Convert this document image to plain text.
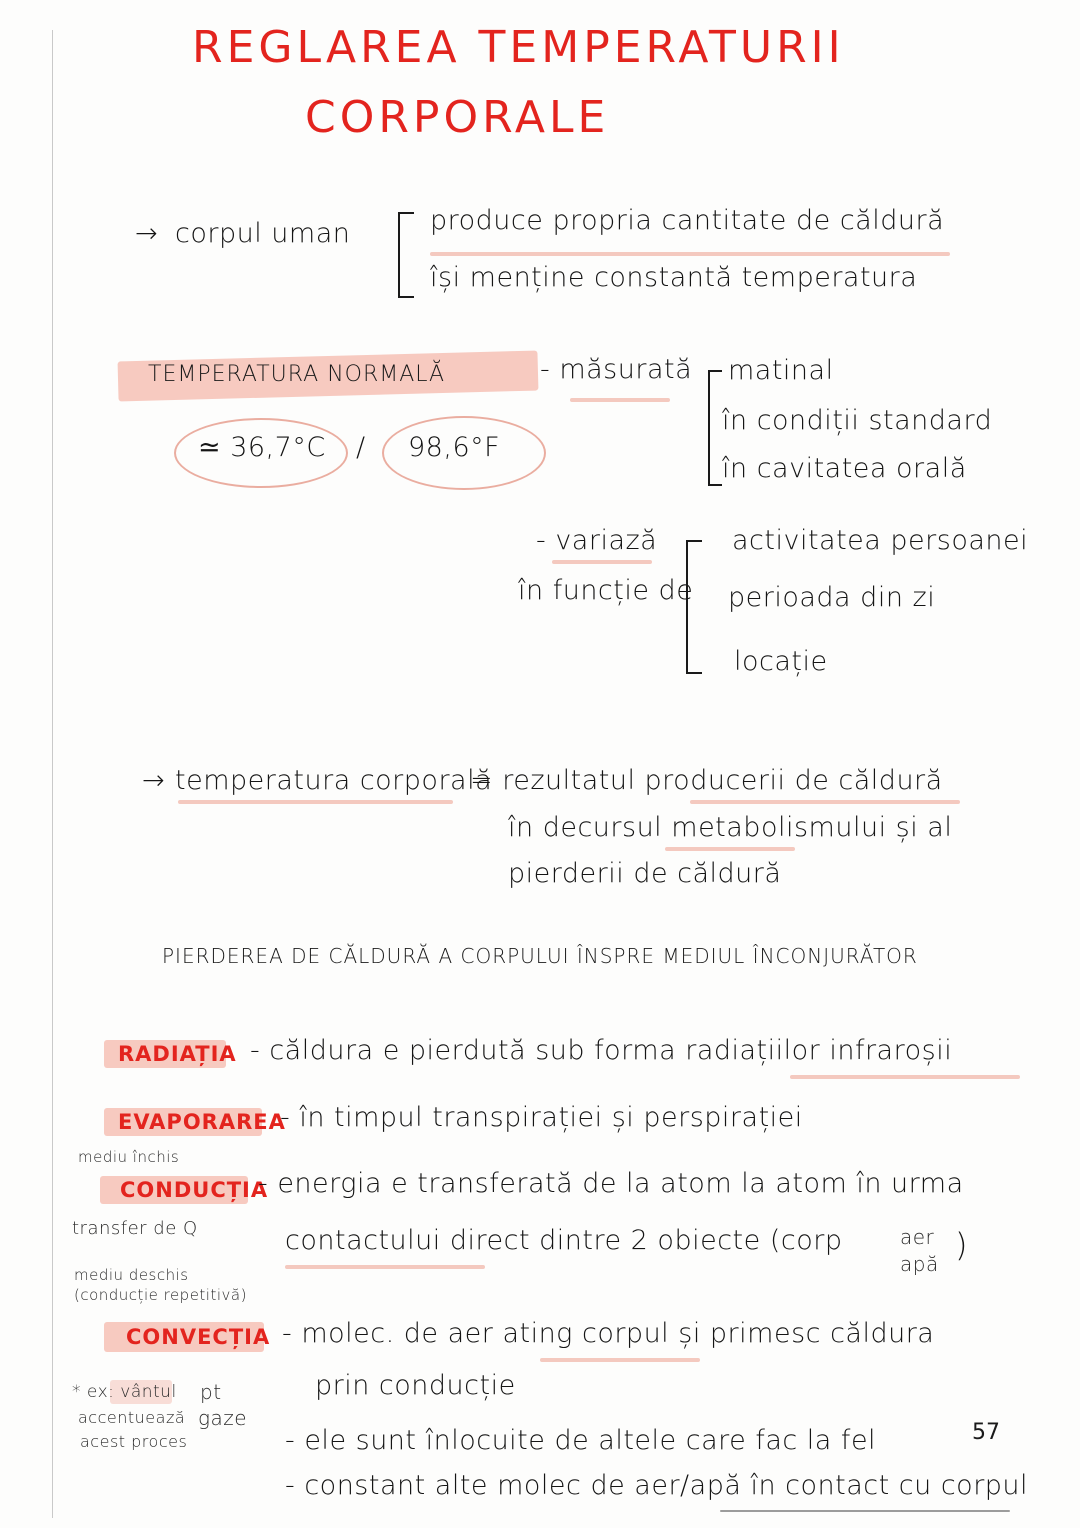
REGLAREA TEMPERATURII
CORPORALE
→ corpul uman	produce propria cantitate de căldură
își menține constantă temperatura
TEMPERATURA NORMALĂ	- măsurată matinal
în condiții standard
în cavitatea orală
≃ 36,7°C / 98,6°F
- variază
în funcție de
activitatea persoanei
perioada din zi
locație
→ temperatura corporală
= rezultatul producerii de căldură
în decursul metabolismului și al
pierderii de căldură
PIERDEREA DE CĂLDURĂ A CORPULUI ÎNSPRE MEDIUL ÎNCONJURĂTOR
RADIAȚIA - căldura e pierdută sub forma radiațiilor infraroșii
EVAPORAREA
- în timpul transpirației și perspirației
mediu închis
CONDUCȚIA
- energia e transferată de la atom la atom în urma
transfer de Q	contactului direct dintre 2 obiecte (corp	aer
apă )
mediu deschis
(conducție repetitivă)
CONVECȚIA - molec. de aer ating corpul și primesc căldura
prin conducție
- ele sunt înlocuite de altele care fac la fel
- constant alte molec de aer/apă în contact cu corpul
* ex: vântul
accentuează
acest proces
pt
gaze
57
